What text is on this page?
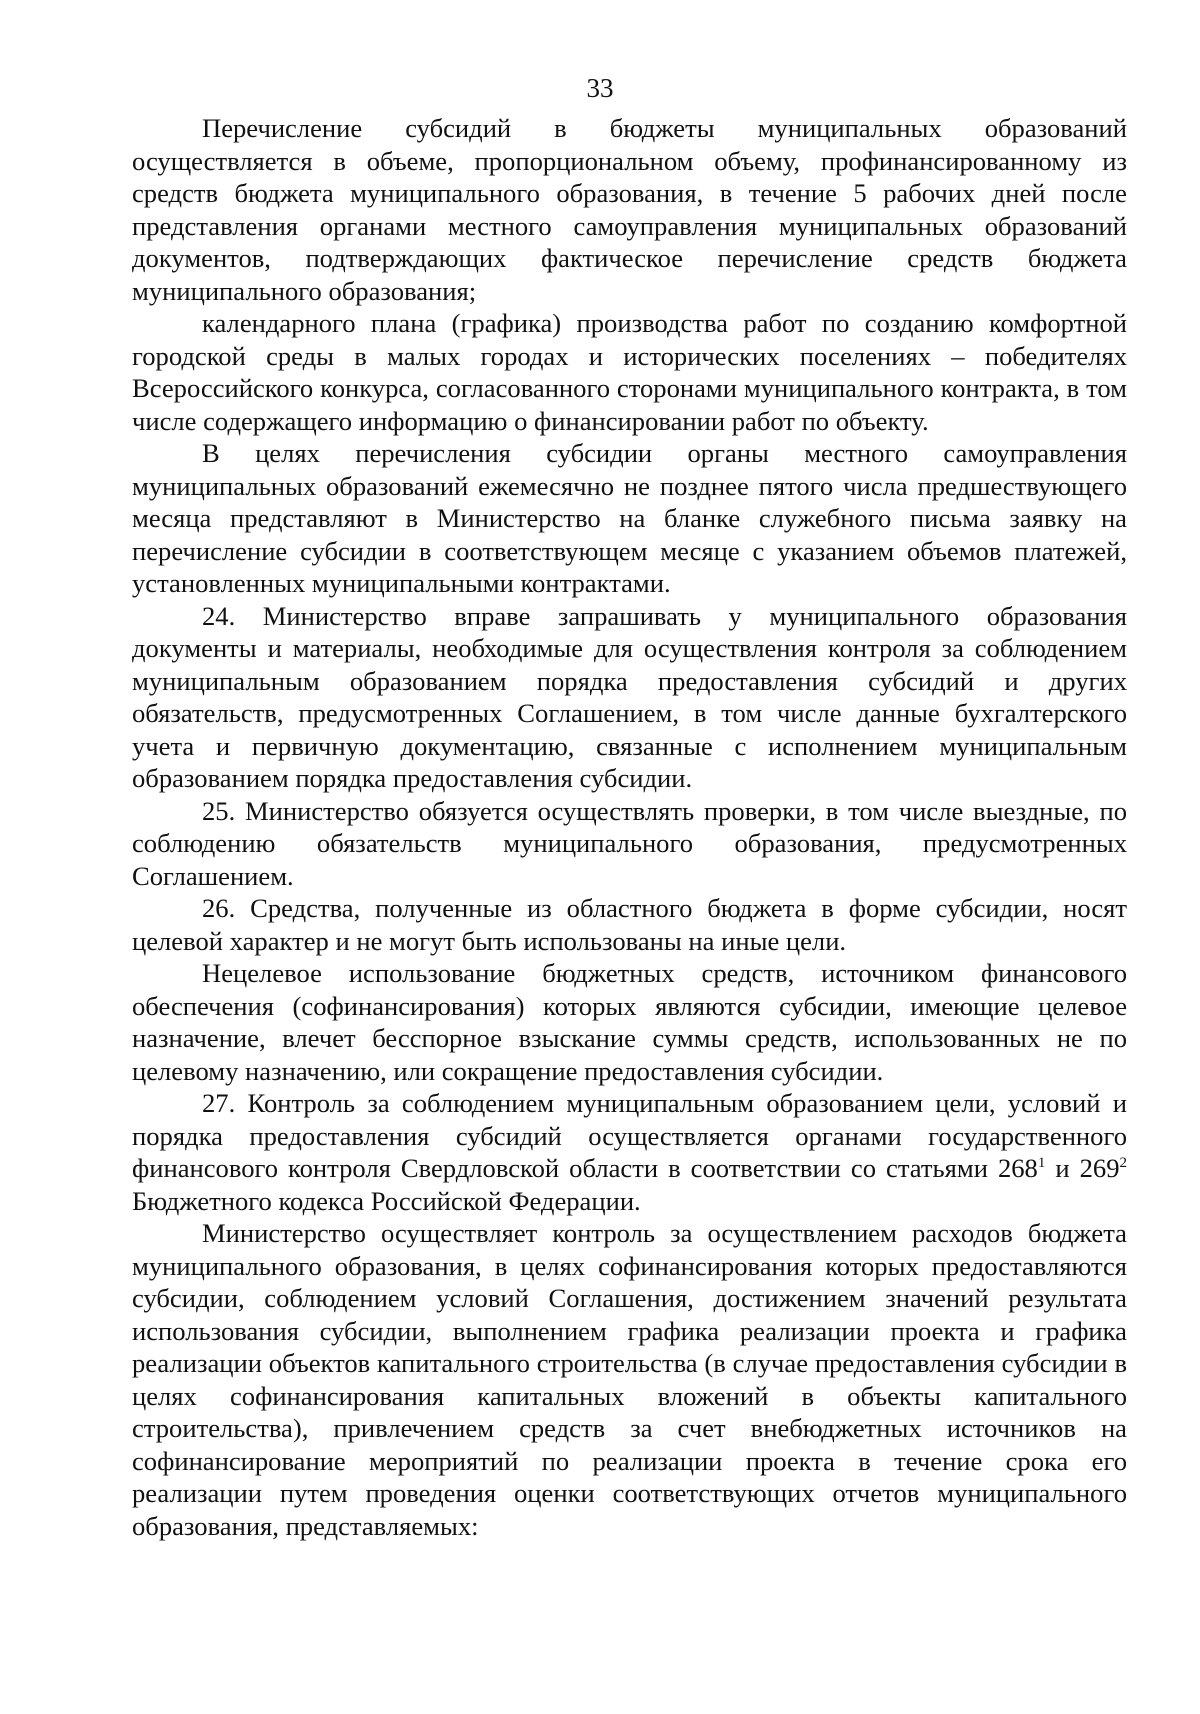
33

Перечисление субсидий в бюджеты муниципальных образований осуществляется в объеме, пропорциональном объему, профинансированному из средств бюджета муниципального образования, в течение 5 рабочих дней после представления органами местного самоуправления муниципальных образований документов, подтверждающих фактическое перечисление средств бюджета муниципального образования;

календарного плана (графика) производства работ по созданию комфортной городской среды в малых городах и исторических поселениях – победителях Всероссийского конкурса, согласованного сторонами муниципального контракта, в том числе содержащего информацию о финансировании работ по объекту.

В целях перечисления субсидии органы местного самоуправления муниципальных образований ежемесячно не позднее пятого числа предшествующего месяца представляют в Министерство на бланке служебного письма заявку на перечисление субсидии в соответствующем месяце с указанием объемов платежей, установленных муниципальными контрактами.

24. Министерство вправе запрашивать у муниципального образования документы и материалы, необходимые для осуществления контроля за соблюдением муниципальным образованием порядка предоставления субсидий и других обязательств, предусмотренных Соглашением, в том числе данные бухгалтерского учета и первичную документацию, связанные с исполнением муниципальным образованием порядка предоставления субсидии.

25. Министерство обязуется осуществлять проверки, в том числе выездные, по соблюдению обязательств муниципального образования, предусмотренных Соглашением.

26. Средства, полученные из областного бюджета в форме субсидии, носят целевой характер и не могут быть использованы на иные цели.

Нецелевое использование бюджетных средств, источником финансового обеспечения (софинансирования) которых являются субсидии, имеющие целевое назначение, влечет бесспорное взыскание суммы средств, использованных не по целевому назначению, или сокращение предоставления субсидии.

27. Контроль за соблюдением муниципальным образованием цели, условий и порядка предоставления субсидий осуществляется органами государственного финансового контроля Свердловской области в соответствии со статьями $268^1$ и $269^2$ Бюджетного кодекса Российской Федерации.

Министерство осуществляет контроль за осуществлением расходов бюджета муниципального образования, в целях софинансирования которых предоставляются субсидии, соблюдением условий Соглашения, достижением значений результата использования субсидии, выполнением графика реализации проекта и графика реализации объектов капитального строительства (в случае предоставления субсидии в целях софинансирования капитальных вложений в объекты капитального строительства), привлечением средств за счет внебюджетных источников на софинансирование мероприятий по реализации проекта в течение срока его реализации путем проведения оценки соответствующих отчетов муниципального образования, представляемых:
